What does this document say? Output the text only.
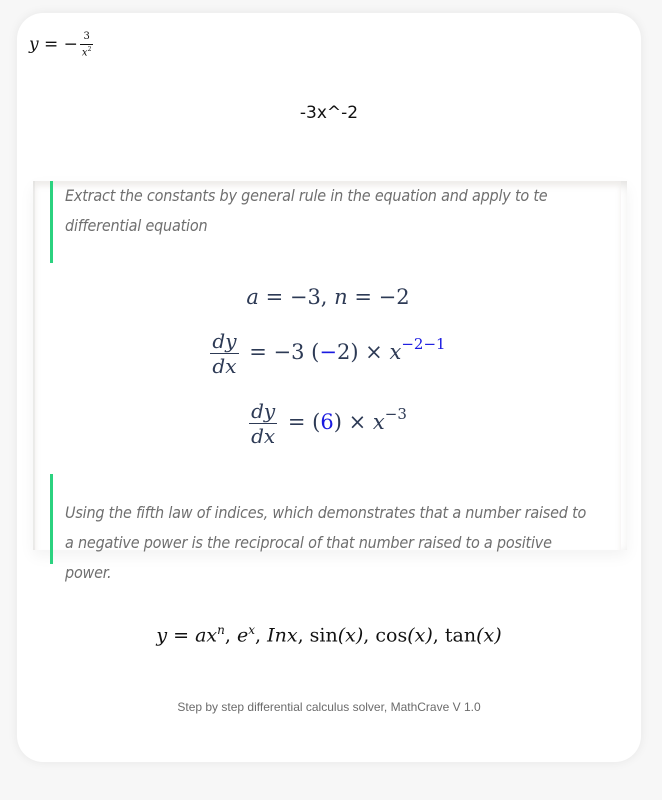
y = − $\frac{3}{x^2}$
-3x^-2
Extract the constants by general rule in the equation and apply to te differential equation
a = −3, n = −2
$\frac{dy}{dx} = -3$ $(-2) \times x^{-2-1}$
$\frac{dy}{dx} = (6) \times x^{-3}$
Using the fifth law of indices, which demonstrates that a number raised to a negative power is the reciprocal of that number raised to a positive power.
$y = ax^n$, $e^x$, Inx, sin(x), cos(x), tan(x)
Step by step differential calculus solver, MathCrave V 1.0
